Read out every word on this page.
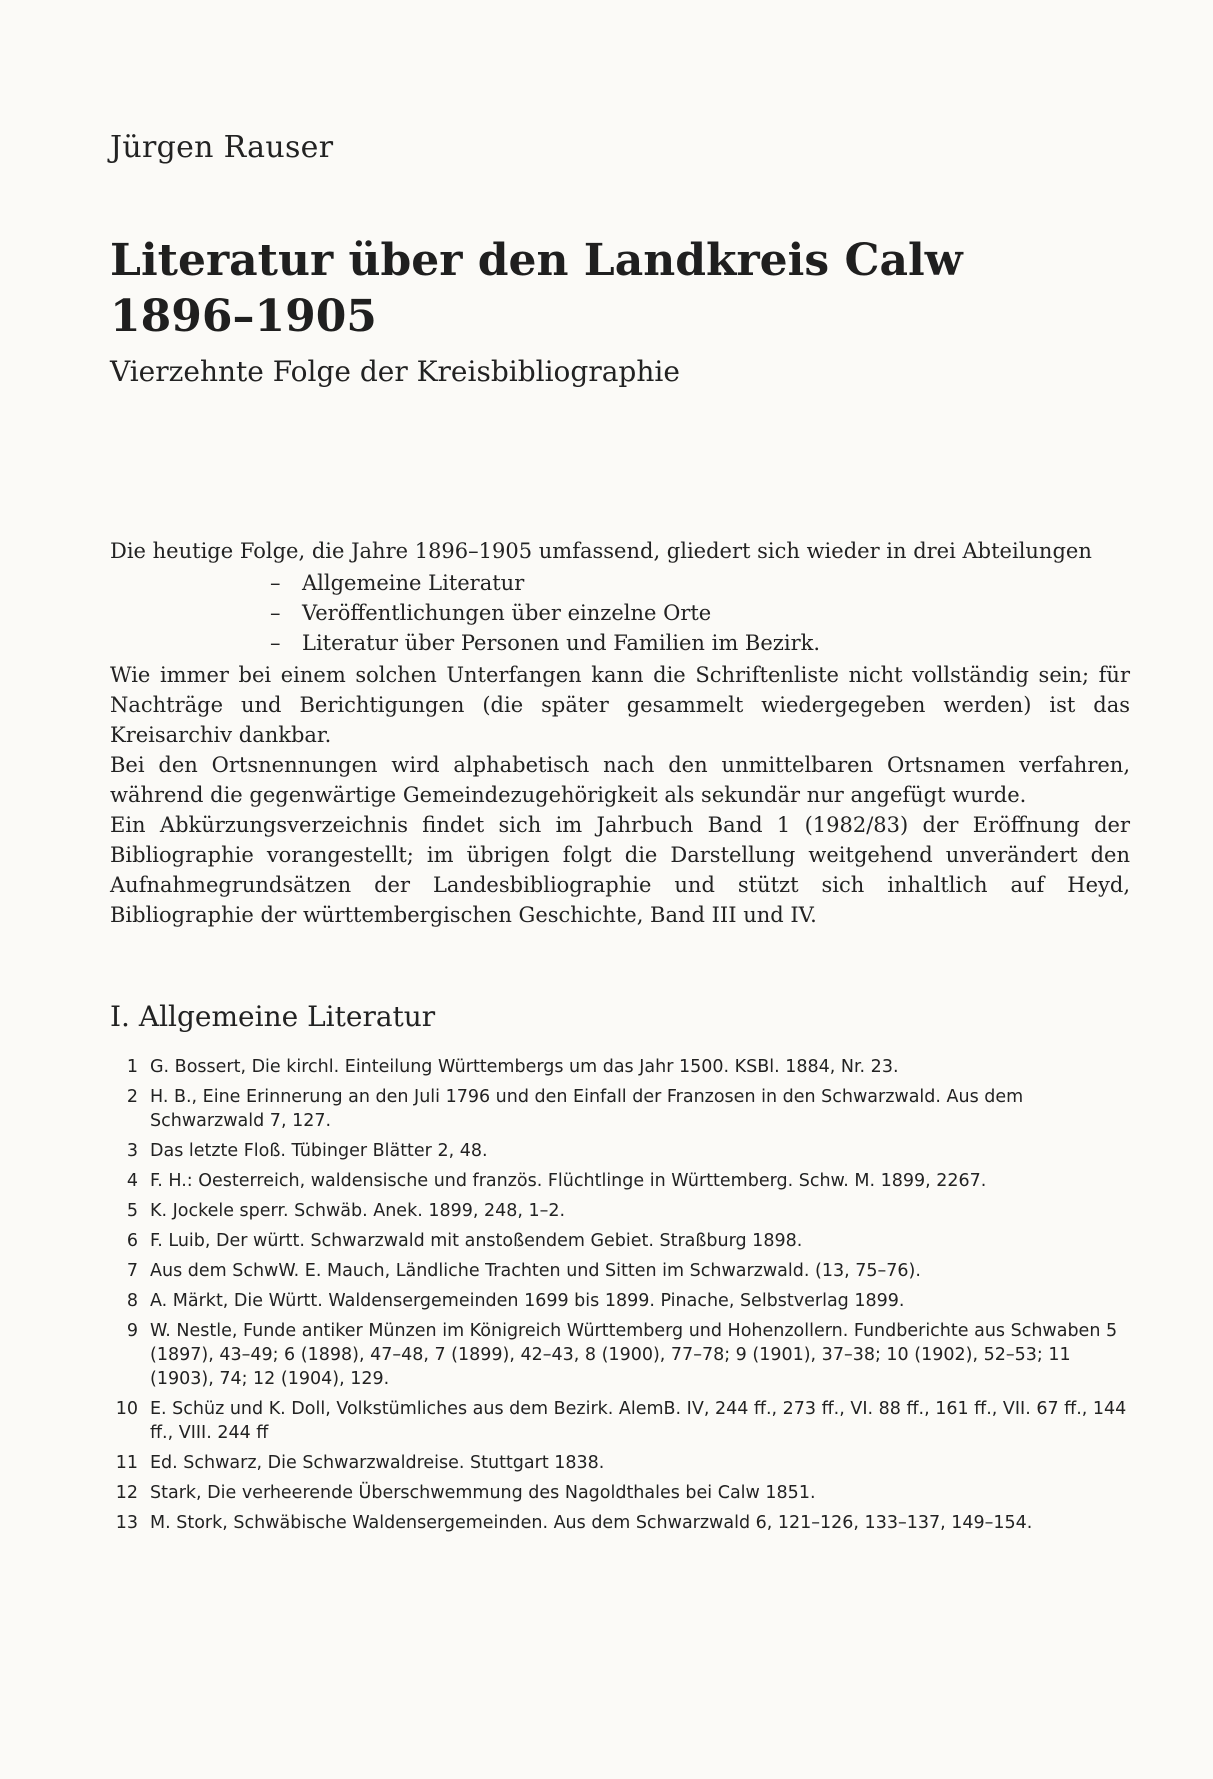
Jürgen Rauser
Literatur über den Landkreis Calw
1896–1905
Vierzehnte Folge der Kreisbibliographie

Die heutige Folge, die Jahre 1896–1905 umfassend, gliedert sich wieder in drei Abteilungen

– Allgemeine Literatur
– Veröffentlichungen über einzelne Orte
– Literatur über Personen und Familien im Bezirk.

Wie immer bei einem solchen Unterfangen kann die Schriftenliste nicht vollständig sein; für Nachträge und Berichtigungen (die später gesammelt wiedergegeben werden) ist das Kreisarchiv dankbar.

Bei den Ortsnennungen wird alphabetisch nach den unmittelbaren Ortsnamen verfahren, während die gegenwärtige Gemeindezugehörigkeit als sekundär nur angefügt wurde.

Ein Abkürzungsverzeichnis findet sich im Jahrbuch Band 1 (1982/83) der Eröffnung der Bibliographie vorangestellt; im übrigen folgt die Darstellung weitgehend unverändert den Aufnahmegrundsätzen der Landesbibliographie und stützt sich inhaltlich auf Heyd, Bibliographie der württembergischen Geschichte, Band III und IV.

I. Allgemeine Literatur
1 G. Bossert, Die kirchl. Einteilung Württembergs um das Jahr 1500. KSBl. 1884, Nr. 23.
2 H. B., Eine Erinnerung an den Juli 1796 und den Einfall der Franzosen in den Schwarzwald. Aus dem Schwarzwald 7, 127.
3 Das letzte Floß. Tübinger Blätter 2, 48.
4 F. H.: Oesterreich, waldensische und französ. Flüchtlinge in Württemberg. Schw. M. 1899, 2267.
5 K. Jockele sperr. Schwäb. Anek. 1899, 248, 1–2.
6 F. Luib, Der württ. Schwarzwald mit anstoßendem Gebiet. Straßburg 1898.
7 Aus dem SchwW. E. Mauch, Ländliche Trachten und Sitten im Schwarzwald. (13, 75–76).
8 A. Märkt, Die Württ. Waldensergemeinden 1699 bis 1899. Pinache, Selbstverlag 1899.
9 W. Nestle, Funde antiker Münzen im Königreich Württemberg und Hohenzollern. Fundberichte aus Schwaben 5 (1897), 43–49; 6 (1898), 47–48, 7 (1899), 42–43, 8 (1900), 77–78; 9 (1901), 37–38; 10 (1902), 52–53; 11 (1903), 74; 12 (1904), 129.
10 E. Schüz und K. Doll, Volkstümliches aus dem Bezirk. AlemB. IV, 244 ff., 273 ff., VI. 88 ff., 161 ff., VII. 67 ff., 144 ff., VIII. 244 ff
11 Ed. Schwarz, Die Schwarzwaldreise. Stuttgart 1838.
12 Stark, Die verheerende Überschwemmung des Nagoldthales bei Calw 1851.
13 M. Stork, Schwäbische Waldensergemeinden. Aus dem Schwarzwald 6, 121–126, 133–137, 149–154.
